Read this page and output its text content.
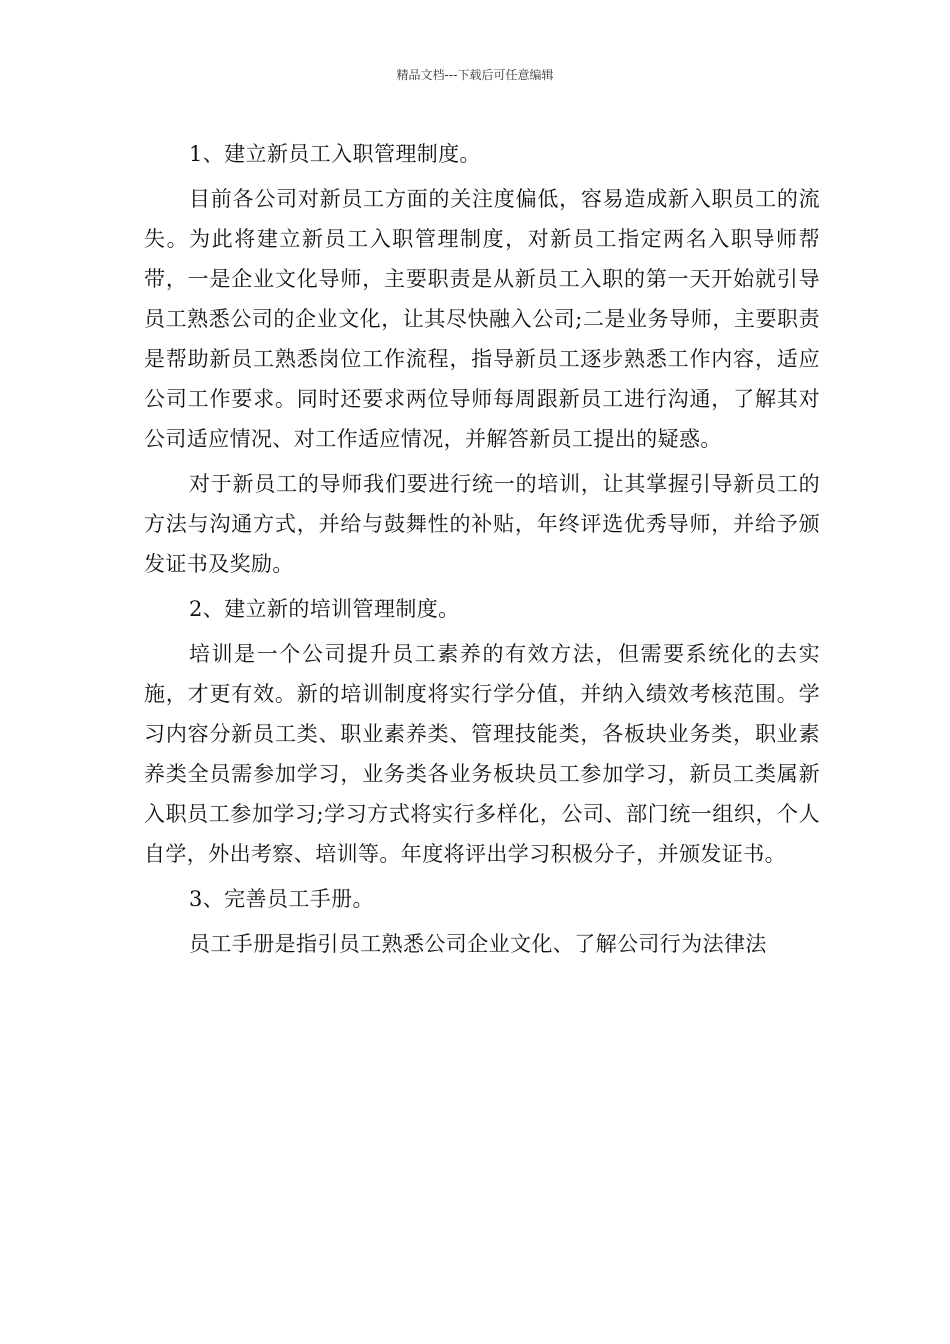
精品文档---下载后可任意编辑

1、建立新员工入职管理制度。

目前各公司对新员工方面的关注度偏低，容易造成新入职员工的流失。为此将建立新员工入职管理制度，对新员工指定两名入职导师帮带，一是企业文化导师，主要职责是从新员工入职的第一天开始就引导员工熟悉公司的企业文化，让其尽快融入公司;二是业务导师，主要职责是帮助新员工熟悉岗位工作流程，指导新员工逐步熟悉工作内容，适应公司工作要求。同时还要求两位导师每周跟新员工进行沟通，了解其对公司适应情况、对工作适应情况，并解答新员工提出的疑惑。

对于新员工的导师我们要进行统一的培训，让其掌握引导新员工的方法与沟通方式，并给与鼓舞性的补贴，年终评选优秀导师，并给予颁发证书及奖励。

2、建立新的培训管理制度。

培训是一个公司提升员工素养的有效方法，但需要系统化的去实施，才更有效。新的培训制度将实行学分值，并纳入绩效考核范围。学习内容分新员工类、职业素养类、管理技能类，各板块业务类，职业素养类全员需参加学习，业务类各业务板块员工参加学习，新员工类属新入职员工参加学习;学习方式将实行多样化，公司、部门统一组织，个人自学，外出考察、培训等。年度将评出学习积极分子，并颁发证书。

3、完善员工手册。

员工手册是指引员工熟悉公司企业文化、了解公司行为法律法
